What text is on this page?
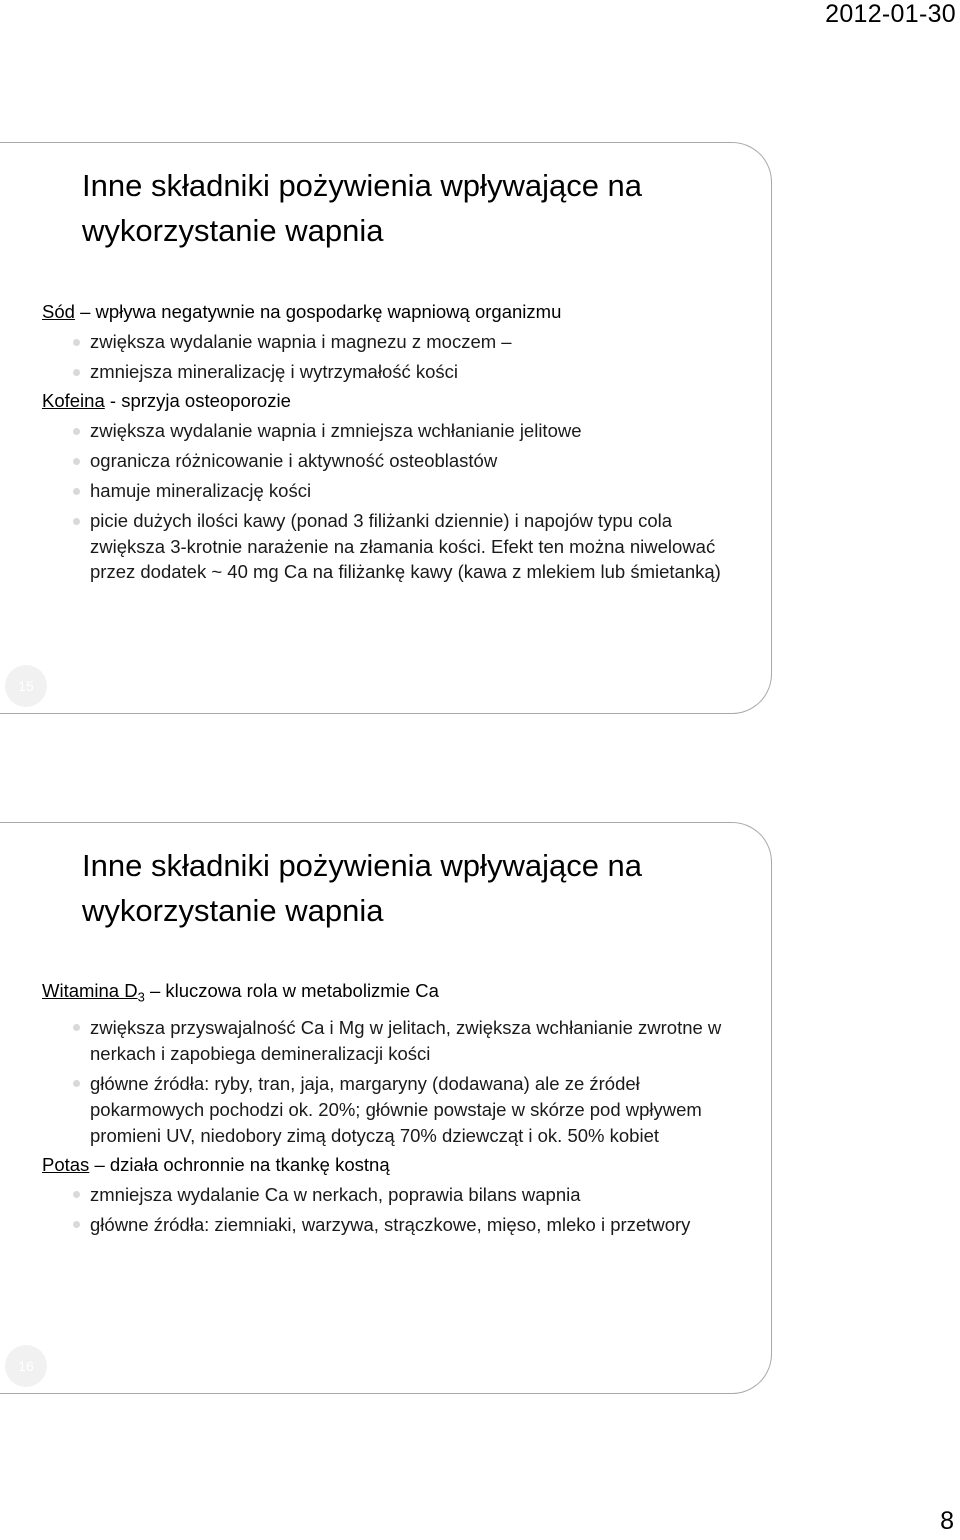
2012-01-30
Inne składniki pożywienia wpływające na wykorzystanie wapnia

Sód – wpływa negatywnie na gospodarkę wapniową organizmu

zwiększa wydalanie wapnia i magnezu z moczem –
zmniejsza mineralizację i wytrzymałość kości

Kofeina - sprzyja osteoporozie

zwiększa wydalanie wapnia i zmniejsza wchłanianie jelitowe
ogranicza różnicowanie i aktywność osteoblastów
hamuje mineralizację kości
picie dużych ilości kawy (ponad 3 filiżanki dziennie) i napojów typu cola zwiększa 3-krotnie narażenie na złamania kości. Efekt ten można niwelować przez dodatek ~ 40 mg Ca na filiżankę kawy (kawa z mlekiem lub śmietanką)
15
Inne składniki pożywienia wpływające na wykorzystanie wapnia

Witamina $D_3$ – kluczowa rola w metabolizmie Ca

zwiększa przyswajalność Ca i Mg w jelitach, zwiększa wchłanianie zwrotne w nerkach i zapobiega demineralizacji kości
główne źródła: ryby, tran, jaja, margaryny (dodawana) ale ze źródeł pokarmowych pochodzi ok. 20%; głównie powstaje w skórze pod wpływem promieni UV, niedobory zimą dotyczą 70% dziewcząt i ok. 50% kobiet

Potas – działa ochronnie na tkankę kostną

zmniejsza wydalanie Ca w nerkach, poprawia bilans wapnia
główne źródła: ziemniaki, warzywa, strączkowe, mięso, mleko i przetwory
16
8
